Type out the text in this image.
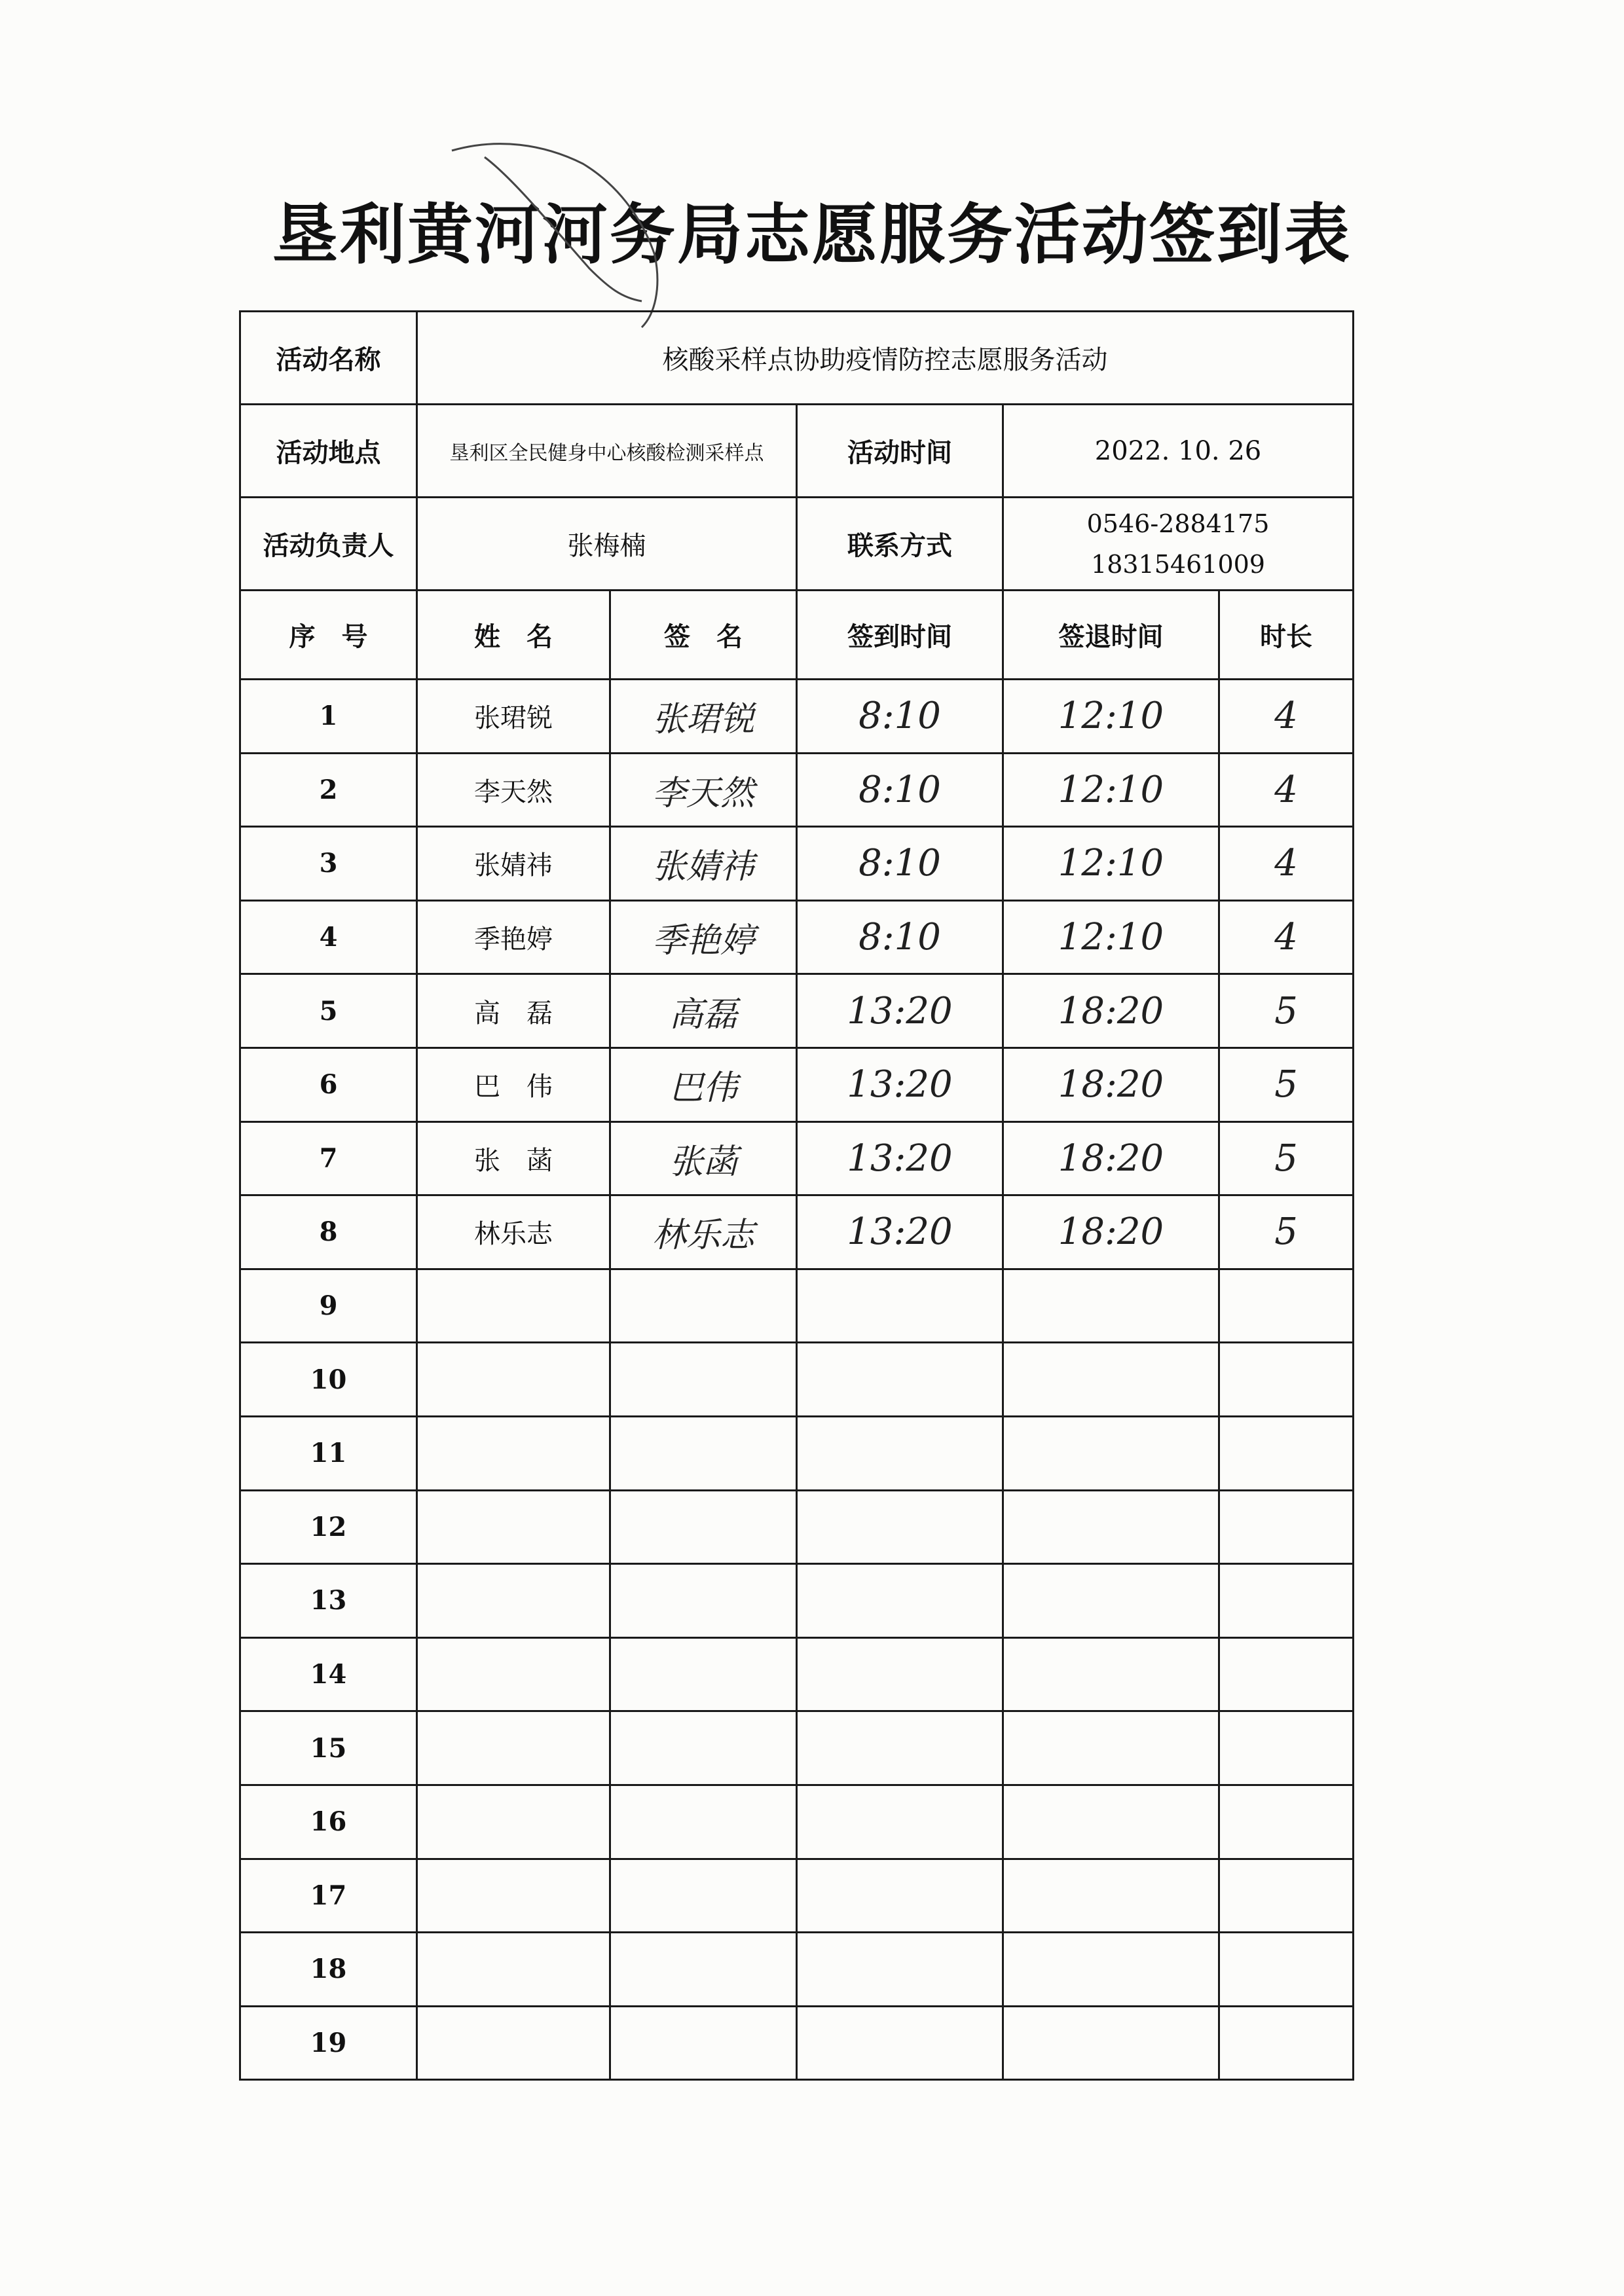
垦利黄河河务局志愿服务活动签到表
活动名称	核酸采样点协助疫情防控志愿服务活动				
活动地点	垦利区全民健身中心核酸检测采样点		活动时间	2022. 10. 26	
活动负责人	张梅楠		联系方式	0546-2884175
18315461009	

序　号	姓　名	签　名	签到时间	签退时间	时长
1	张珺锐	张珺锐	8:10	12:10	4
2	李天然	李天然	8:10	12:10	4
3	张婧祎	张婧祎	8:10	12:10	4
4	季艳婷	季艳婷	8:10	12:10	4
5	高　磊	高磊	13:20	18:20	5
6	巴　伟	巴伟	13:20	18:20	5
7	张　菡	张菡	13:20	18:20	5
8	林乐志	林乐志	13:20	18:20	5
9					
10					
11					
12					
13					
14					
15					
16					
17					
18					
19					
